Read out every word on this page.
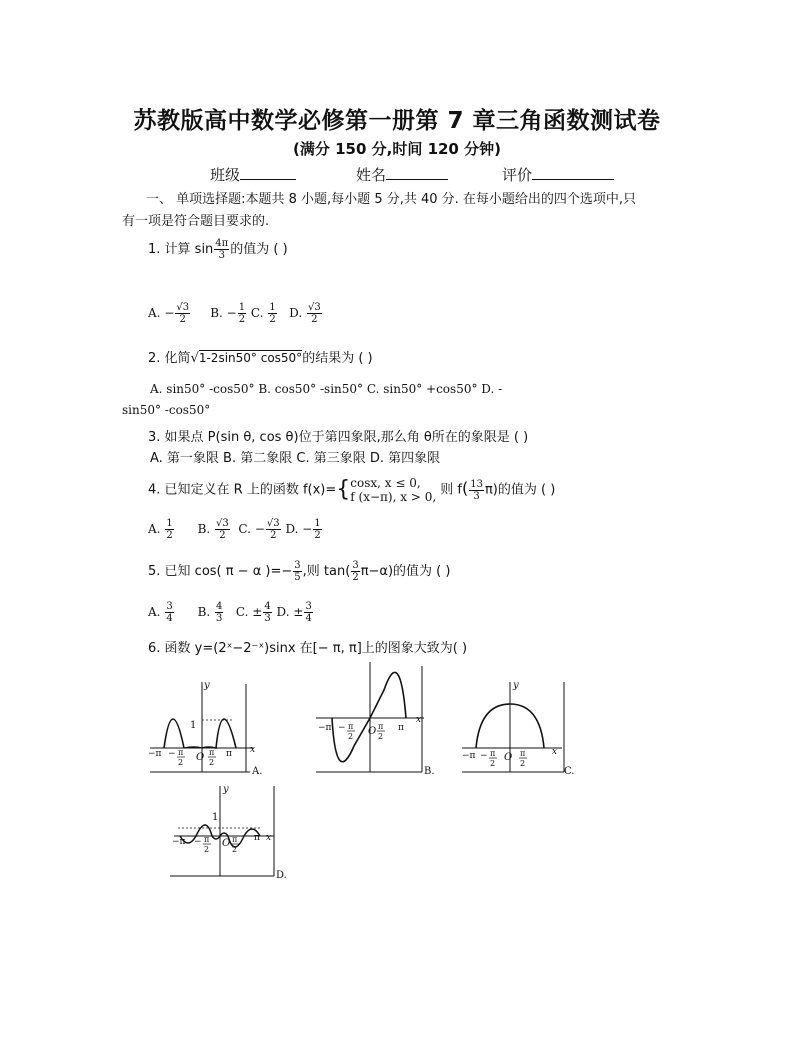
苏教版高中数学必修第一册第 7 章三角函数测试卷
(满分 150 分,时间 120 分钟)
班级	姓名	评价
一、 单项选择题:本题共 8 小题,每小题 5 分,共 40 分. 在每小题给出的四个选项中,只
有一项是符合题目要求的.
1. 计算 $\sin \frac{4\pi}{3}$ 的值为 ( )
A. − $\frac{√3}{2} B$. − $\frac{1}{2} C$. $\frac{1}{2} D$. $\frac{√3}{2}$
2. 化简√1-2sin50° cos50°的结果为 ( )
A. sin50° -cos50° B. cos50° -sin50° C. sin50° +cos50° D. -
sin50° -cos50°
3. 如果点 P(sin θ, cos θ)位于第四象限,那么角 θ所在的象限是 ( )
A. 第一象限 B. 第二象限 C. 第三象限 D. 第四象限
4. 已知定义在 R 上的函数 f(x)={ cosx, x ≤ 0,
f (x−π), x > 0, 则 $f( \frac{13}{3} \pi)$的值为 ( )
A. $\frac{1}{2} B$. $\frac{√3}{2} C$. − $\frac{√3}{2} D$. − $\frac{1}{2}$
5. 已知 cos( π − α )=− $\frac{3}{5}$ ,则 $\tan( \frac{3}{2} \pi-\alpha)$的值为 ( )
A. $\frac{3}{4} B$. $\frac{4}{3} C$. ± $\frac{4}{3} D$. ± $\frac{3}{4}$
6. 函数 y=(2ˣ−2⁻ˣ)sinx 在[− π, π]上的图象大致为( )
y
1
x
−π − π
2 O π
2
π
A.
−π − π
2 O π
2
π
x
B.
y
−π − π
2
O π
2
x
C.
y
1
−π − π
2
O π
2
π x
D.
